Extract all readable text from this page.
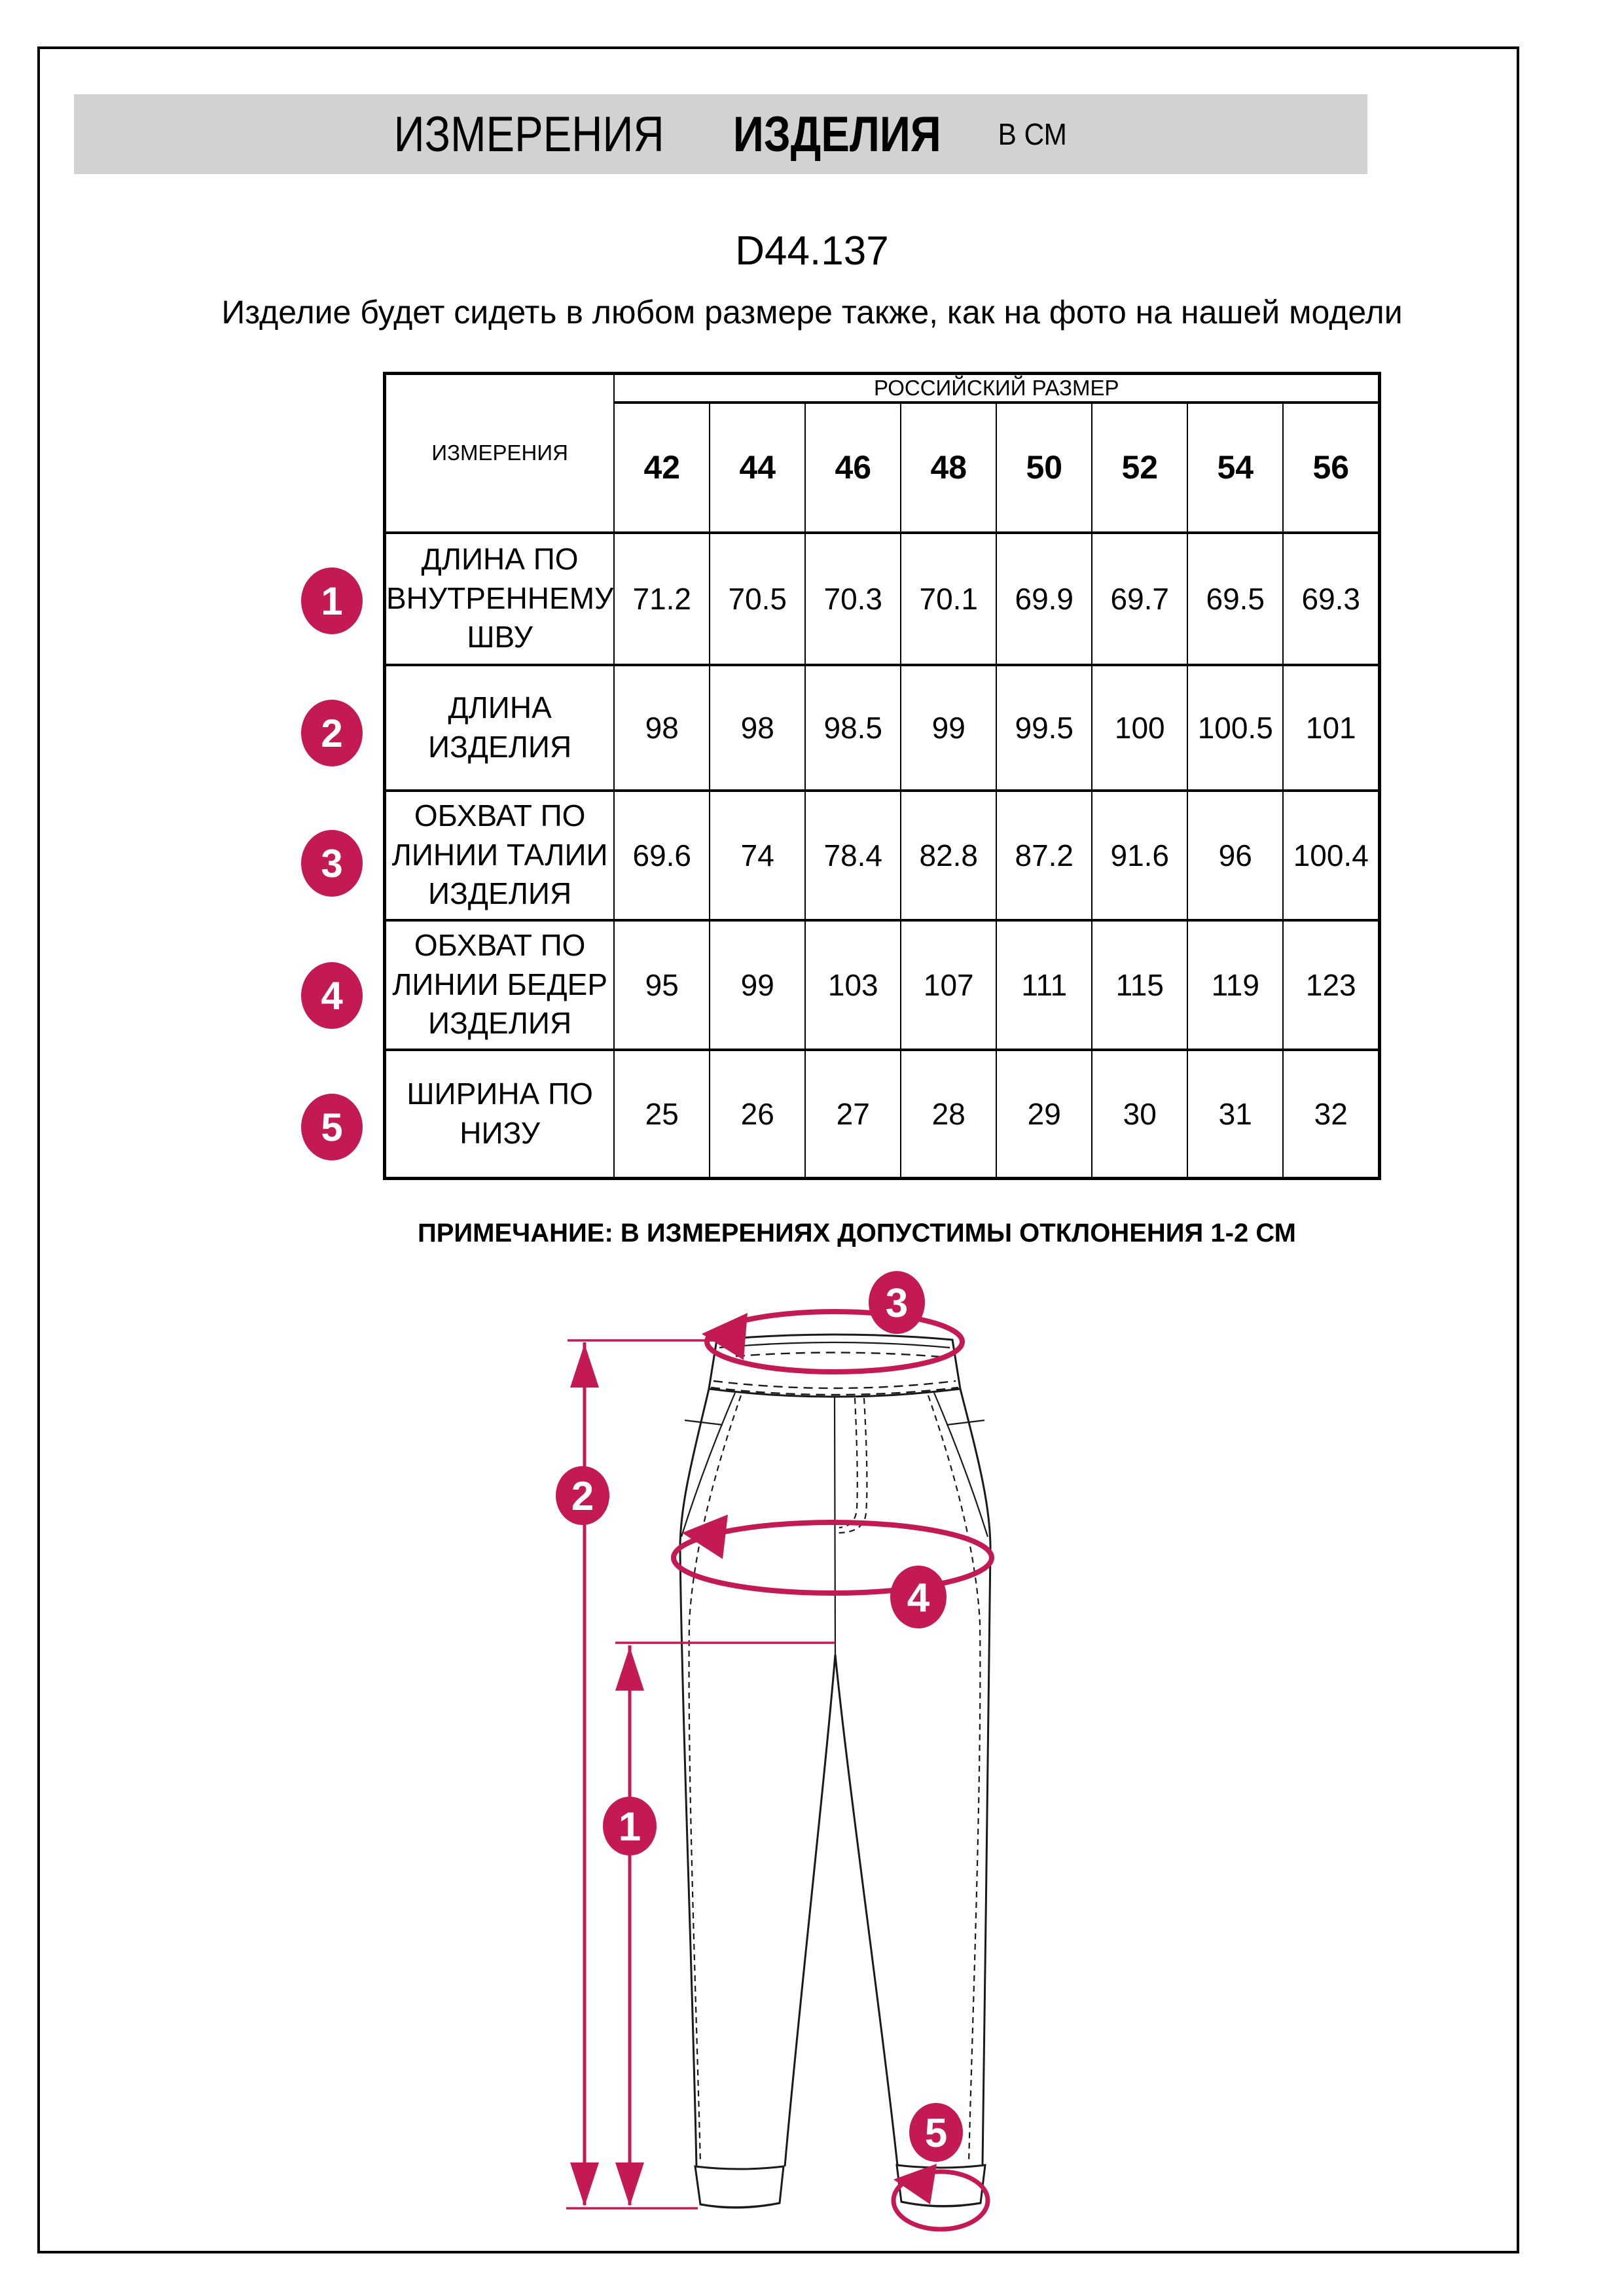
ИЗМЕРЕНИЯ ИЗДЕЛИЯ В СМ
D44.137
Изделие будет сидеть в любом размере также, как на фото на нашей модели
ИЗМЕРЕНИЯ	РОССИЙСКИЙ РАЗМЕР							
	42	44	46	48	50	52	54	56
ДЛИНА ПО ВНУТРЕННЕМУ ШВУ	71.2	70.5	70.3	70.1	69.9	69.7	69.5	69.3
ДЛИНА ИЗДЕЛИЯ	98	98	98.5	99	99.5	100	100.5	101
ОБХВАТ ПО ЛИНИИ ТАЛИИ ИЗДЕЛИЯ	69.6	74	78.4	82.8	87.2	91.6	96	100.4
ОБХВАТ ПО ЛИНИИ БЕДЕР ИЗДЕЛИЯ	95	99	103	107	111	115	119	123
ШИРИНА ПО НИЗУ	25	26	27	28	29	30	31	32
1
2
3
4
5
ПРИМЕЧАНИЕ: В ИЗМЕРЕНИЯХ ДОПУСТИМЫ ОТКЛОНЕНИЯ 1-2 СМ
3
2
1
4
5
